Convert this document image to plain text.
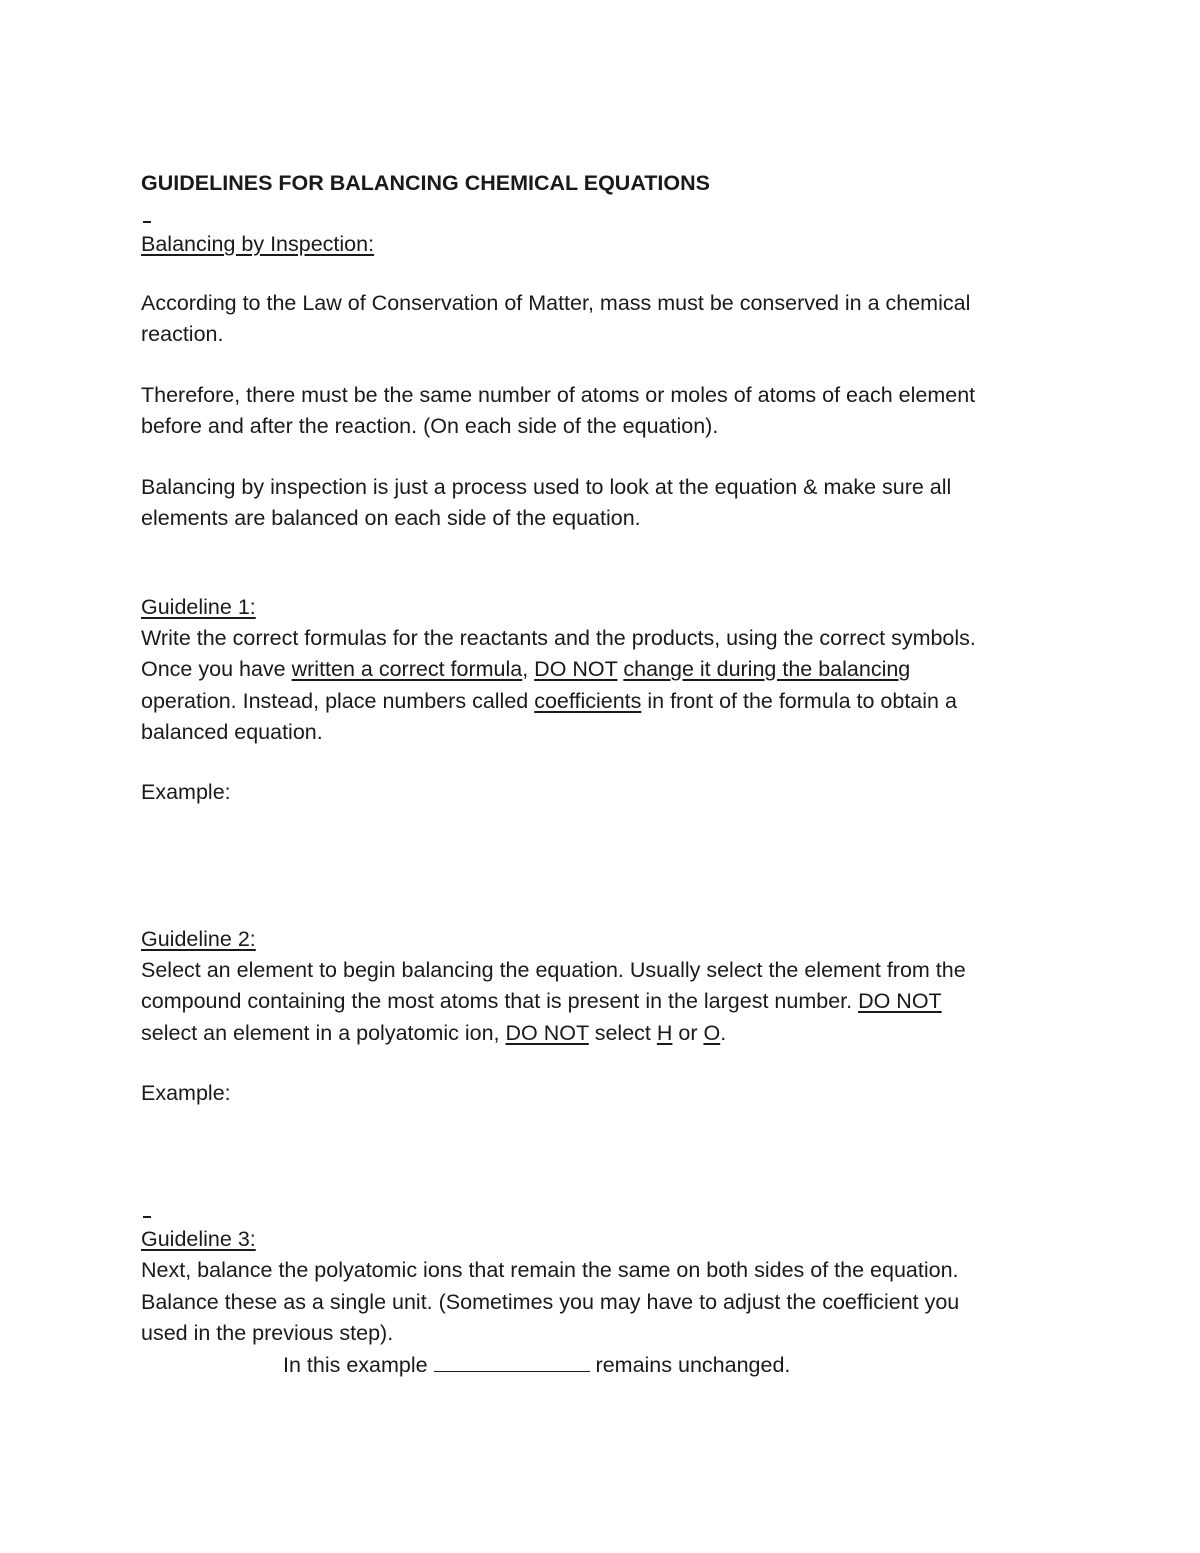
GUIDELINES FOR BALANCING CHEMICAL EQUATIONS

Balancing by Inspection:

According to the Law of Conservation of Matter, mass must be conserved in a chemical

reaction.

Therefore, there must be the same number of atoms or moles of atoms of each element

before and after the reaction. (On each side of the equation).

Balancing by inspection is just a process used to look at the equation & make sure all

elements are balanced on each side of the equation.

Guideline 1:

Write the correct formulas for the reactants and the products, using the correct symbols.

Once you have written a correct formula, DO NOT change it during the balancing

operation. Instead, place numbers called coefficients in front of the formula to obtain a

balanced equation.

Example:

Guideline 2:

Select an element to begin balancing the equation. Usually select the element from the

compound containing the most atoms that is present in the largest number. DO NOT

select an element in a polyatomic ion, DO NOT select H or O.

Example:

Guideline 3:

Next, balance the polyatomic ions that remain the same on both sides of the equation.

Balance these as a single unit. (Sometimes you may have to adjust the coefficient you

used in the previous step).

In this example	remains unchanged.
